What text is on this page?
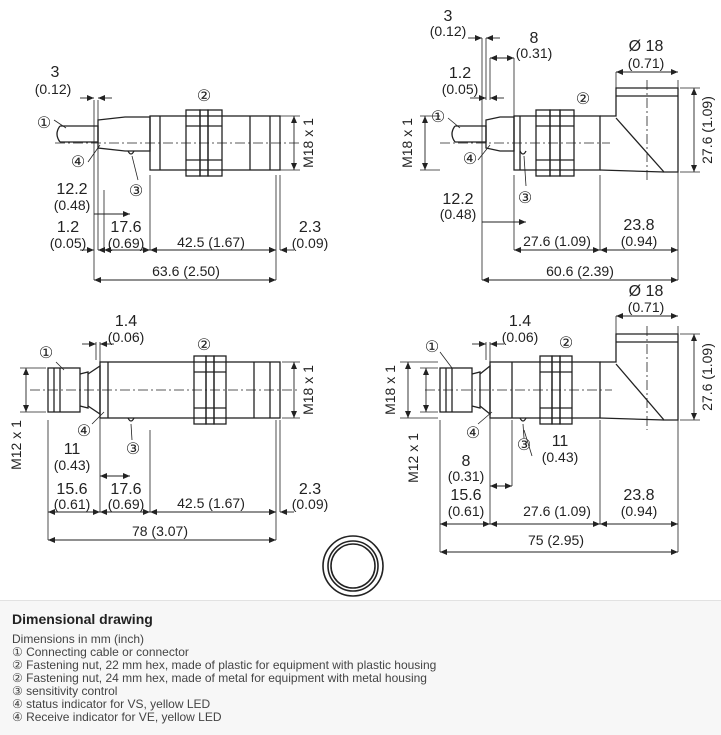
3
(0.12)
①
②
④
③
12.2
(0.48)
1.2
(0.05)
17.6
(0.69) 42.5 (1.67)
2.3
(0.09)
63.6 (2.50)
M18 x 1
3
(0.12)	8
(0.31)
1.2
(0.05)
Ø 18
(0.71)
①
②
④
③
12.2
(0.48)
27.6 (1.09)
23.8
(0.94)
60.6 (2.39)
M18 x 1	27.6 (1.09)
1.4
(0.06)
①	②
④
③
11
(0.43)
15.6
(0.61)
17.6
(0.69) 42.5 (1.67)
2.3
(0.09)
78 (3.07)
M18 x 1
M12 x 1
1.4
(0.06)
Ø 18
(0.71)
①	②
④
③ 11
(0.43)
8
(0.31)
15.6
(0.61)	27.6 (1.09)
23.8
(0.94)
75 (2.95)
M18 x 1
M12 x 1
27.6 (1.09)
Dimensional drawing
Dimensions in mm (inch)
① Connecting cable or connector
② Fastening nut, 22 mm hex, made of plastic for equipment with plastic housing
② Fastening nut, 24 mm hex, made of metal for equipment with metal housing
③ sensitivity control
④ status indicator for VS, yellow LED
④ Receive indicator for VE, yellow LED
